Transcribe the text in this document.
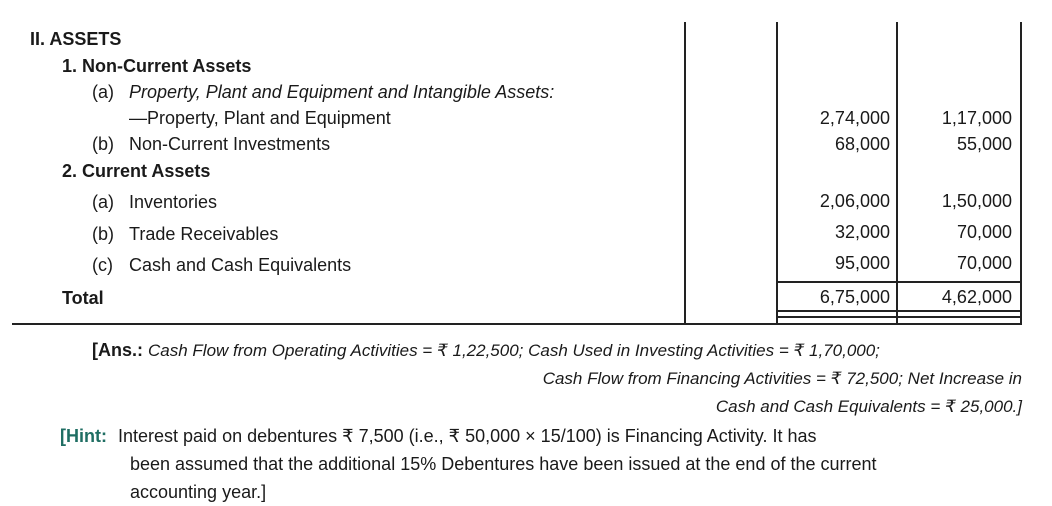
II. ASSETS
1. Non-Current Assets
(a) Property, Plant and Equipment and Intangible Assets:
—Property, Plant and Equipment	2,74,000	1,17,000
(b) Non-Current Investments	68,000	55,000
2. Current Assets
(a) Inventories	2,06,000	1,50,000
(b) Trade Receivables	32,000	70,000
(c) Cash and Cash Equivalents	95,000	70,000
Total	6,75,000	4,62,000
[Ans.: Cash Flow from Operating Activities = ₹ 1,22,500; Cash Used in Investing Activities = ₹ 1,70,000;
Cash Flow from Financing Activities = ₹ 72,500; Net Increase in
Cash and Cash Equivalents = ₹ 25,000.]
[Hint: Interest paid on debentures ₹ 7,500 (i.e., ₹ 50,000 × 15/100) is Financing Activity. It has
been assumed that the additional 15% Debentures have been issued at the end of the current
accounting year.]
